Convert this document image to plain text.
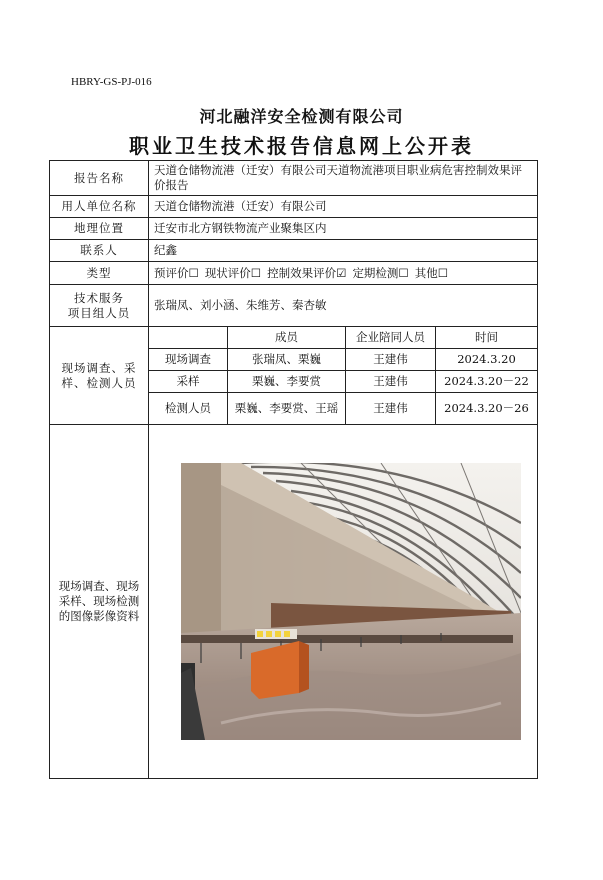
HBRY-GS-PJ-016
河北融洋安全检测有限公司
职业卫生技术报告信息网上公开表
报告名称	天道仓储物流港（迁安）有限公司天道物流港项目职业病危害控制效果评价报告			
用人单位名称	天道仓储物流港（迁安）有限公司			
地理位置	迁安市北方钢铁物流产业聚集区内			
联系人	纪鑫			
类型	预评价☐ 现状评价☐ 控制效果评价☑ 定期检测☐ 其他☐			

技术服务
项目组人员	张瑞凤、刘小涵、朱维芳、秦杏敏			
现场调查、采样、检测人员		成员	企业陪同人员	时间
	现场调查	张瑞凤、栗巍	王建伟	2024.3.20
	采样	栗巍、李要赏	王建伟	2024.3.20－22
	检测人员	栗巍、李要赏、王瑶	王建伟	2024.3.20－26
现场调查、现场采样、现场检测的图像影像资料	
